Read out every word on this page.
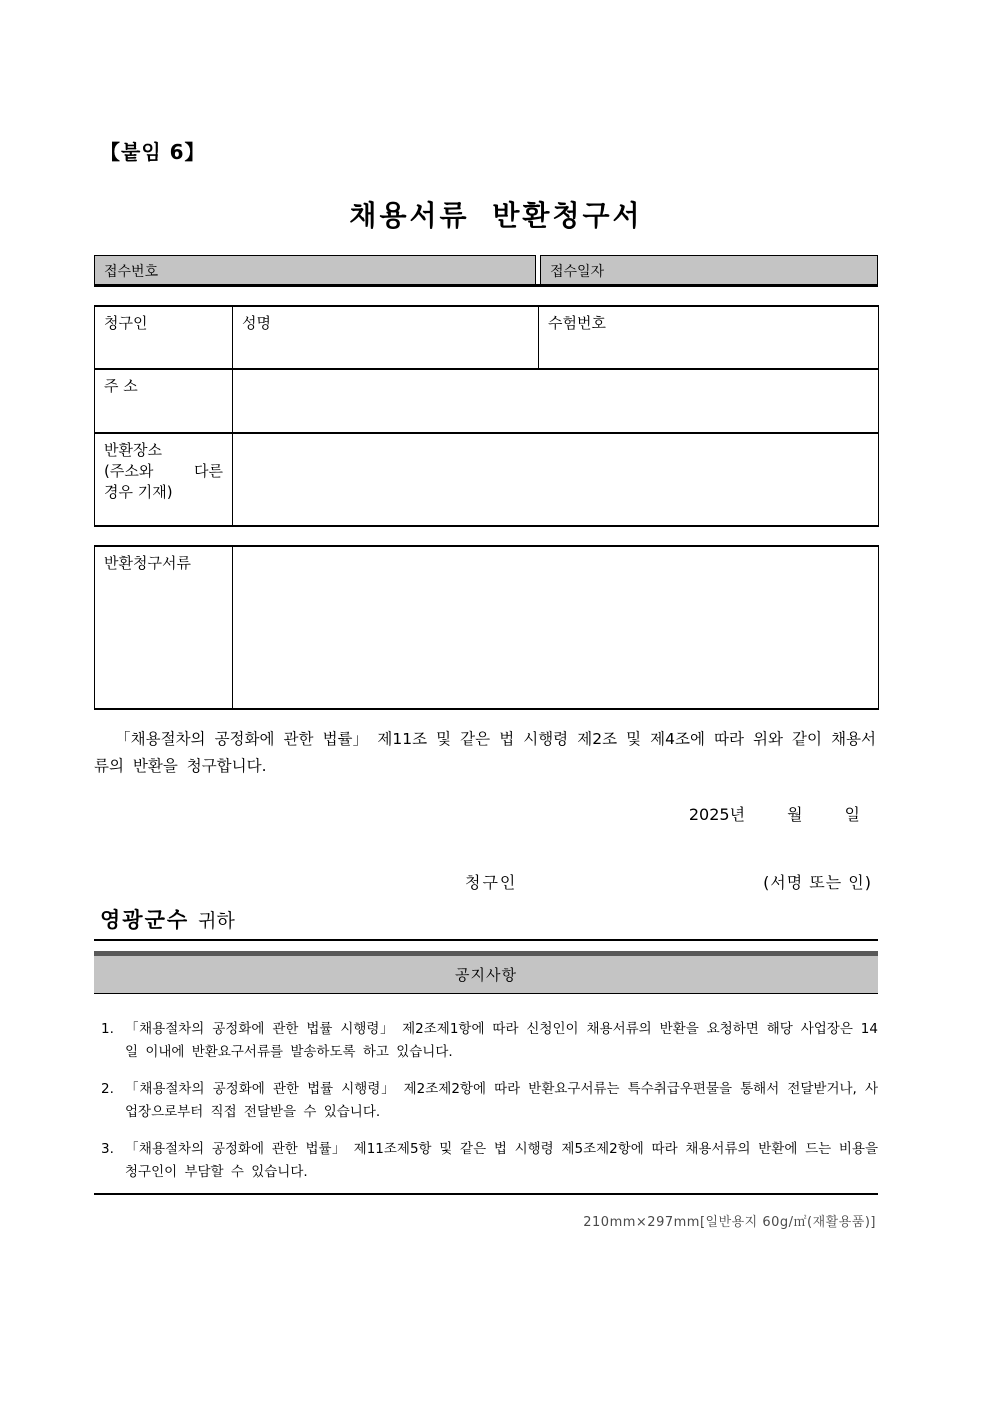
【붙임 6】
채용서류 반환청구서
접수번호	접수일자
청구인	성명	수험번호
주 소		

반환장소
(주소와 다른
경우 기재)		

반환청구서류	
「채용절차의 공정화에 관한 법률」 제11조 및 같은 법 시행령 제2조 및 제4조에 따라 위와 같이 채용서류의 반환을 청구합니다.
2025년	월	일
청구인	(서명 또는 인)
영광군수 귀하
공지사항
1. 「채용절차의 공정화에 관한 법률 시행령」 제2조제1항에 따라 신청인이 채용서류의 반환을 요청하면 해당 사업장은 14일 이내에 반환요구서류를 발송하도록 하고 있습니다.
2. 「채용절차의 공정화에 관한 법률 시행령」 제2조제2항에 따라 반환요구서류는 특수취급우편물을 통해서 전달받거나, 사업장으로부터 직접 전달받을 수 있습니다.
3. 「채용절차의 공정화에 관한 법률」 제11조제5항 및 같은 법 시행령 제5조제2항에 따라 채용서류의 반환에 드는 비용을 청구인이 부담할 수 있습니다.
210mm×297mm[일반용지 60g/㎡(재활용품)]
